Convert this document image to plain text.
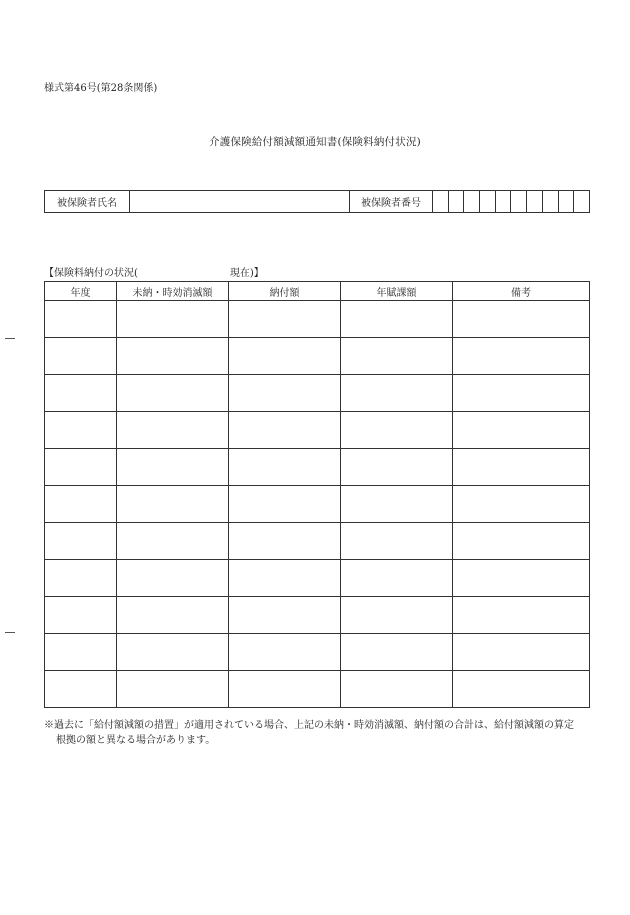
様式第46号(第28条関係)
介護保険給付額減額通知書(保険料納付状況)
被保険者氏名		被保険者番号										
【保険料納付の状況(	現在)】
年度	未納・時効消滅額	納付額	年賦課額	備考

※過去に「給付額減額の措置」が適用されている場合、上記の未納・時効消滅額、納付額の合計は、給付額減額の算定
根拠の額と異なる場合があります。
